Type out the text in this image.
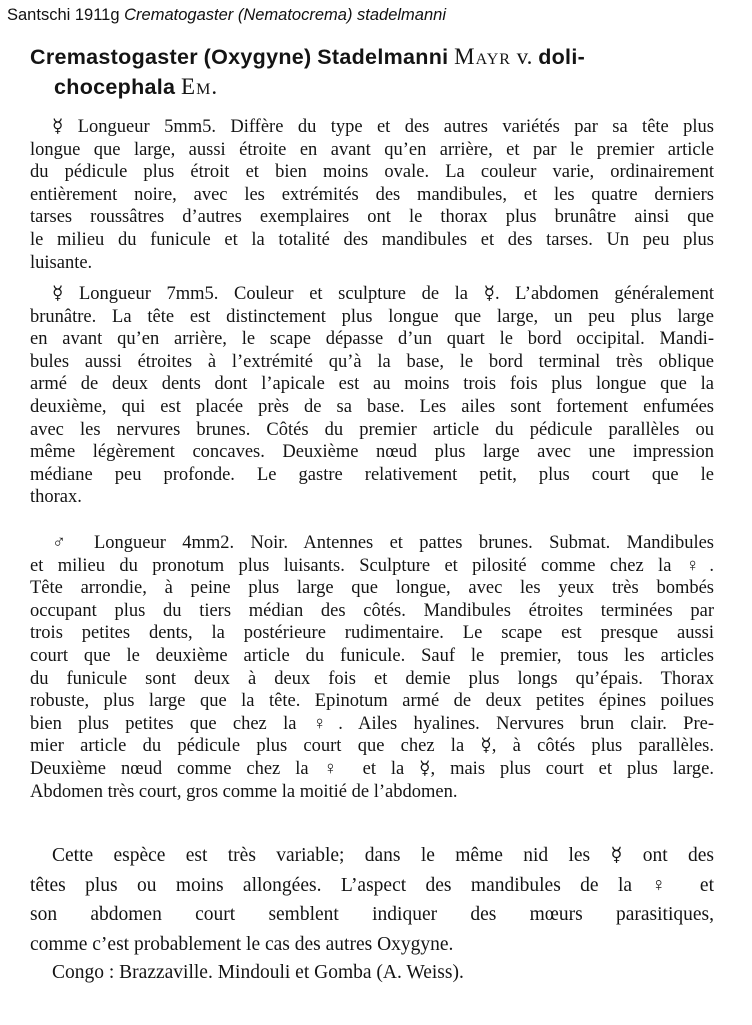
Santschi 1911g Crematogaster (Nematocrema) stadelmanni
Cremastogaster (Oxygyne) Stadelmanni Mayr v. doli-
chocephala Em.
☿ Longueur 5mm5. Diffère du type et des autres variétés par sa tête plus
longue que large, aussi étroite en avant qu’en arrière, et par le premier article
du pédicule plus étroit et bien moins ovale. La couleur varie, ordinairement
entièrement noire, avec les extrémités des mandibules, et les quatre derniers
tarses roussâtres d’autres exemplaires ont le thorax plus brunâtre ainsi que
le milieu du funicule et la totalité des mandibules et des tarses. Un peu plus
luisante.
☿ Longueur 7mm5. Couleur et sculpture de la ☿. L’abdomen généralement
brunâtre. La tête est distinctement plus longue que large, un peu plus large
en avant qu’en arrière, le scape dépasse d’un quart le bord occipital. Mandi-
bules aussi étroites à l’extrémité qu’à la base, le bord terminal très oblique
armé de deux dents dont l’apicale est au moins trois fois plus longue que la
deuxième, qui est placée près de sa base. Les ailes sont fortement enfumées
avec les nervures brunes. Côtés du premier article du pédicule parallèles ou
même légèrement concaves. Deuxième nœud plus large avec une impression
médiane peu profonde. Le gastre relativement petit, plus court que le
thorax.
♂ Longueur 4mm2. Noir. Antennes et pattes brunes. Submat. Mandibules
et milieu du pronotum plus luisants. Sculpture et pilosité comme chez la ♀.
Tête arrondie, à peine plus large que longue, avec les yeux très bombés
occupant plus du tiers médian des côtés. Mandibules étroites terminées par
trois petites dents, la postérieure rudimentaire. Le scape est presque aussi
court que le deuxième article du funicule. Sauf le premier, tous les articles
du funicule sont deux à deux fois et demie plus longs qu’épais. Thorax
robuste, plus large que la tête. Epinotum armé de deux petites épines poilues
bien plus petites que chez la ♀. Ailes hyalines. Nervures brun clair. Pre-
mier article du pédicule plus court que chez la ☿, à côtés plus parallèles.
Deuxième nœud comme chez la ♀ et la ☿, mais plus court et plus large.
Abdomen très court, gros comme la moitié de l’abdomen.
Cette espèce est très variable; dans le même nid les ☿ ont des
têtes plus ou moins allongées. L’aspect des mandibules de la ♀ et
son abdomen court semblent indiquer des mœurs parasitiques,
comme c’est probablement le cas des autres Oxygyne.
Congo : Brazzaville. Mindouli et Gomba (A. Weiss).
